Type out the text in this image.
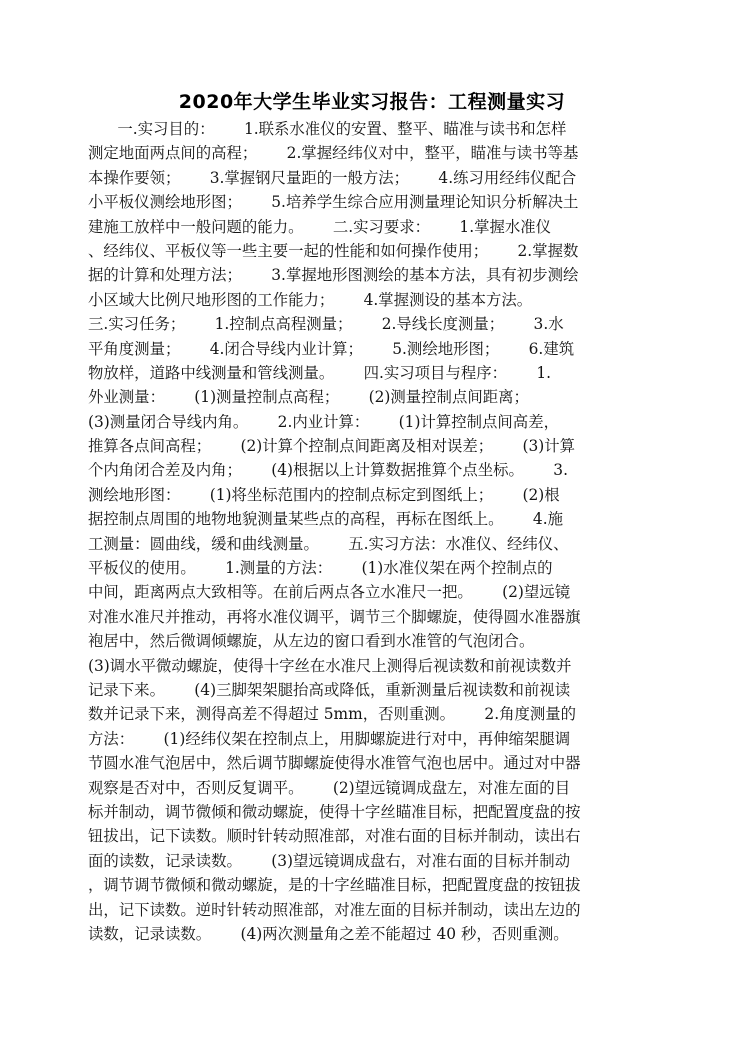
2020年大学生毕业实习报告：工程测量实习
一.实习目的：      1.联系水准仪的安置、整平、瞄准与读书和怎样
测定地面两点间的高程；      2.掌握经纬仪对中，整平，瞄准与读书等基
本操作要领；      3.掌握钢尺量距的一般方法；      4.练习用经纬仪配合
小平板仪测绘地形图；      5.培养学生综合应用测量理论知识分析解决土
建施工放样中一般问题的能力。      二.实习要求：      1.掌握水准仪
、经纬仪、平板仪等一些主要一起的性能和如何操作使用；      2.掌握数
据的计算和处理方法；      3.掌握地形图测绘的基本方法，具有初步测绘
小区域大比例尺地形图的工作能力；      4.掌握测设的基本方法。
三.实习任务；      1.控制点高程测量；      2.导线长度测量；      3.水
平角度测量；      4.闭合导线内业计算；      5.测绘地形图；      6.建筑
物放样，道路中线测量和管线测量。      四.实习项目与程序：      1.
外业测量：      (1)测量控制点高程；      (2)测量控制点间距离；
(3)测量闭合导线内角。      2.内业计算：      (1)计算控制点间高差，
推算各点间高程；      (2)计算个控制点间距离及相对误差；      (3)计算
个内角闭合差及内角；      (4)根据以上计算数据推算个点坐标。      3.
测绘地形图：      (1)将坐标范围内的控制点标定到图纸上；      (2)根
据控制点周围的地物地貌测量某些点的高程，再标在图纸上。      4.施
工测量：圆曲线，缓和曲线测量。      五.实习方法：水准仪、经纬仪、
平板仪的使用。      1.测量的方法：      (1)水准仪架在两个控制点的
中间，距离两点大致相等。在前后两点各立水准尺一把。      (2)望远镜
对准水准尺并推动，再将水准仪调平，调节三个脚螺旋，使得圆水准器旗
袍居中，然后微调倾螺旋，从左边的窗口看到水准管的气泡闭合。
(3)调水平微动螺旋，使得十字丝在水准尺上测得后视读数和前视读数并
记录下来。      (4)三脚架架腿抬高或降低，重新测量后视读数和前视读
数并记录下来，测得高差不得超过 5mm，否则重测。      2.角度测量的
方法：      (1)经纬仪架在控制点上，用脚螺旋进行对中，再伸缩架腿调
节圆水准气泡居中，然后调节脚螺旋使得水准管气泡也居中。通过对中器
观察是否对中，否则反复调平。      (2)望远镜调成盘左，对准左面的目
标并制动，调节微倾和微动螺旋，使得十字丝瞄准目标，把配置度盘的按
钮拔出，记下读数。顺时针转动照准部，对准右面的目标并制动，读出右
面的读数，记录读数。      (3)望远镜调成盘右，对准右面的目标并制动
，调节调节微倾和微动螺旋，是的十字丝瞄准目标，把配置度盘的按钮拔
出，记下读数。逆时针转动照准部，对准左面的目标并制动，读出左边的
读数，记录读数。      (4)两次测量角之差不能超过 40 秒，否则重测。
